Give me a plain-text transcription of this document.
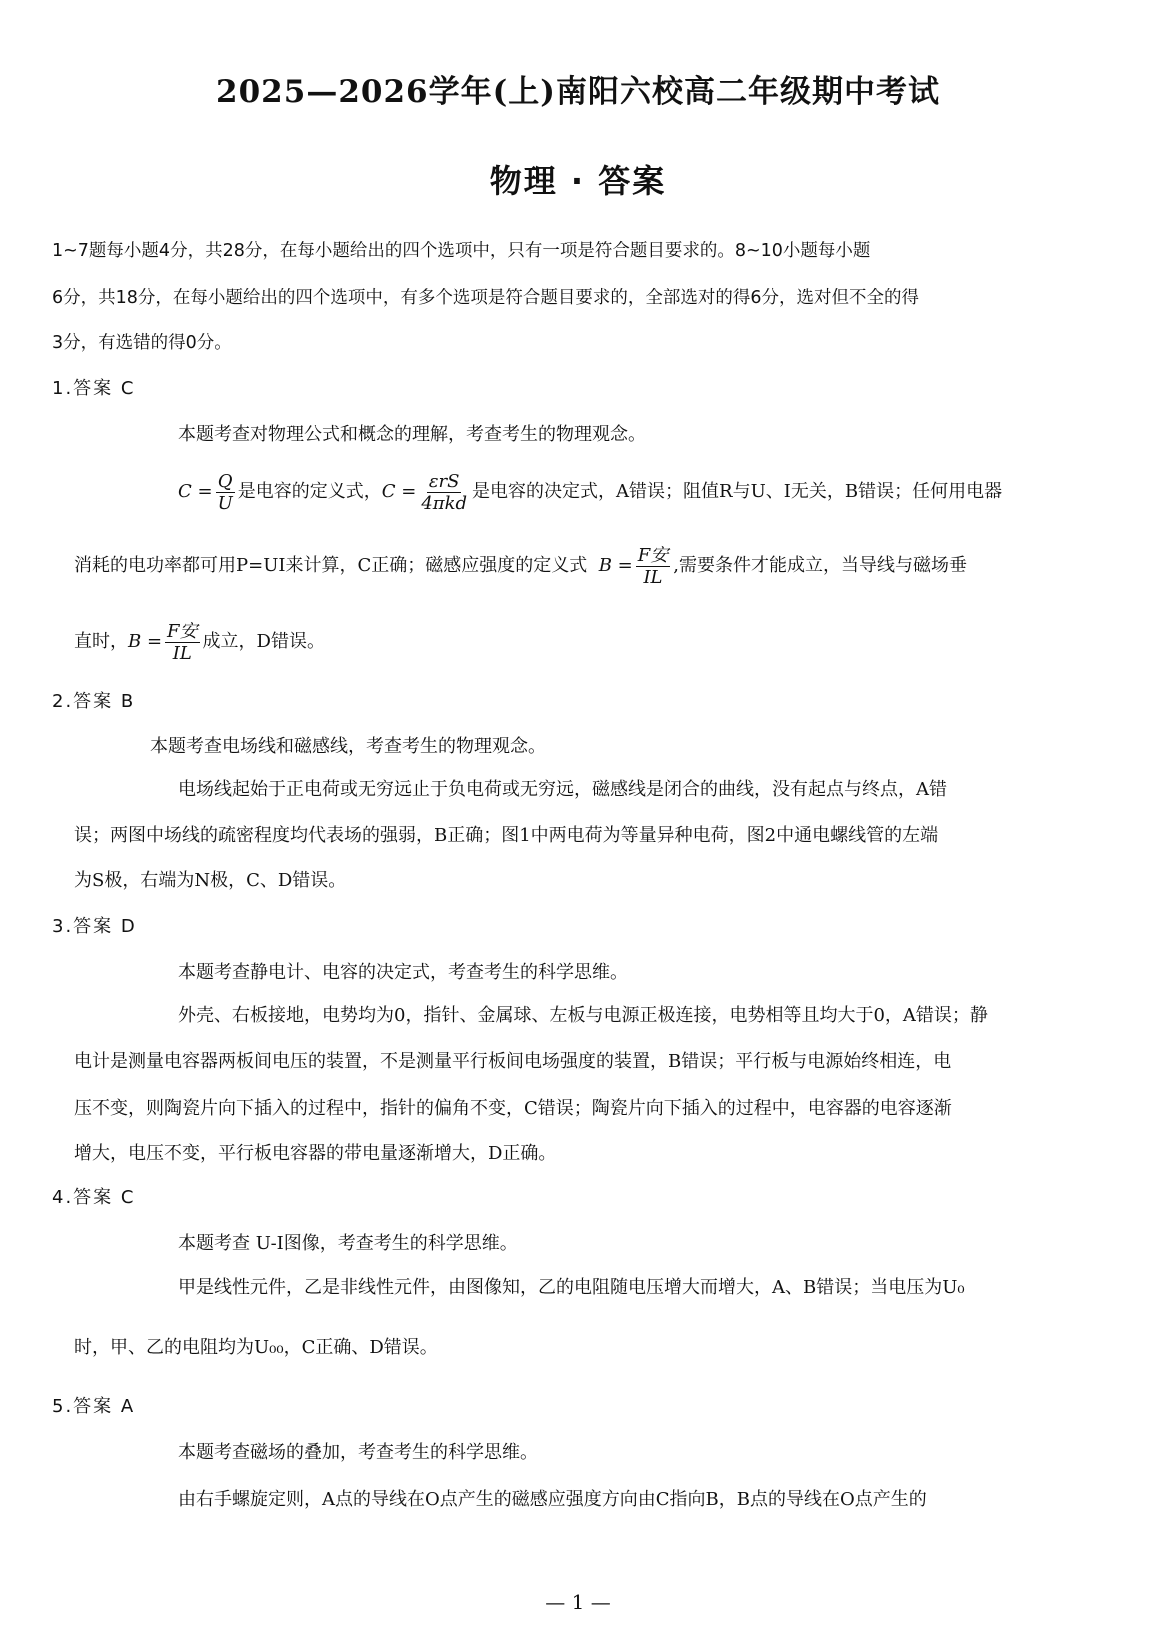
2025—2026学年(上)南阳六校高二年级期中考试
物理 · 答案
1~7题每小题4分，共28分，在每小题给出的四个选项中，只有一项是符合题目要求的。8~10小题每小题
6分，共18分，在每小题给出的四个选项中，有多个选项是符合题目要求的，全部选对的得6分，选对但不全的得
3分，有选错的得0分。
1.答案 C
本题考查对物理公式和概念的理解，考查考生的物理观念。
$C = \frac{Q}{U}$ 是电容的定义式，$C = \frac{\text{εrS}}{\text{4πkd}}$ 是电容的决定式，A错误；阻值R与U、I无关，B错误；任何用电器
消耗的电功率都可用P=UI来计算，C正确；磁感应强度的定义式 $B = \frac{\text{F安}}{IL}$ ,需要条件才能成立，当导线与磁场垂
直时，$B = \frac{\text{F安}}{IL}$ 成立，D错误。
2.答案 B
本题考查电场线和磁感线，考查考生的物理观念。
电场线起始于正电荷或无穷远止于负电荷或无穷远，磁感线是闭合的曲线，没有起点与终点，A错
误；两图中场线的疏密程度均代表场的强弱，B正确；图1中两电荷为等量异种电荷，图2中通电螺线管的左端
为S极，右端为N极，C、D错误。
3.答案 D
本题考查静电计、电容的决定式，考查考生的科学思维。
外壳、右板接地，电势均为0，指针、金属球、左板与电源正极连接，电势相等且均大于0，A错误；静
电计是测量电容器两板间电压的装置，不是测量平行板间电场强度的装置，B错误；平行板与电源始终相连，电
压不变，则陶瓷片向下插入的过程中，指针的偏角不变，C错误；陶瓷片向下插入的过程中，电容器的电容逐渐
增大，电压不变，平行板电容器的带电量逐渐增大，D正确。
4.答案 C
本题考查 U-I图像，考查考生的科学思维。
甲是线性元件，乙是非线性元件，由图像知，乙的电阻随电压增大而增大，A、B错误；当电压为U₀
时，甲、乙的电阻均为U₀₀，C正确、D错误。
5.答案 A
本题考查磁场的叠加，考查考生的科学思维。
由右手螺旋定则，A点的导线在O点产生的磁感应强度方向由C指向B，B点的导线在O点产生的
— 1 —
